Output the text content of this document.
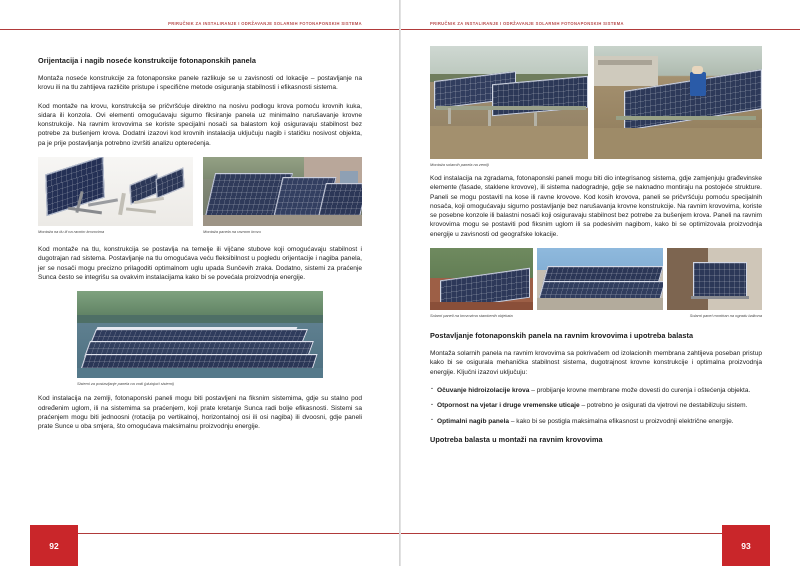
PRIRUČNIK ZA INSTALIRANJE I ODRŽAVANJE SOLARNIH FOTONAPONSKIH SISTEMA
Orijentacija i nagib noseće konstrukcije fotonaponskih panela

Montaža noseće konstrukcije za fotonaponske panele razlikuje se u zavisnosti od lokacije – postavljanje na krovu ili na tlu zahtijeva različite pristupe i specifične metode osiguranja stabilnosti i efikasnosti sistema.

Kod montaže na krovu, konstrukcija se pričvršćuje direktno na nosivu podlogu krova pomoću krovnih kuka, sidara ili konzola. Ovi elementi omogućavaju sigurno fiksiranje panela uz minimalno narušavanje krovne konstrukcije. Na ravnim krovovima se koriste specijalni nosači sa balastom koji osiguravaju stabilnost bez potrebe za bušenjem krova. Dodatni izazovi kod krovnih instalacija uključuju nagib i statičku nosivost objekta, pa je prije postavljanja potrebno izvršiti analizu opterećenja.

Montaža na tlu ili na ravnim krovovima	Montaža panela na ravnom krovu

Kod montaže na tlu, konstrukcija se postavlja na temelje ili vijčane stubove koji omogućavaju stabilnost i dugotrajan rad sistema. Postavljanje na tlu omogućava veću fleksibilnost u pogledu orijentacije i nagiba panela, jer se nosači mogu precizno prilagoditi optimalnom uglu upada Sunčevih zraka. Dodatno, sistemi za praćenje Sunca često se integrišu sa ovakvim instalacijama kako bi se povećala proizvodnja energije.

Sistemi za postavljanje panela na vodi (plutajući sistemi)

Kod instalacija na zemlji, fotonaponski paneli mogu biti postavljeni na fiksnim sistemima, gdje su stalno pod određenim uglom, ili na sistemima sa praćenjem, koji prate kretanje Sunca radi bolje efikasnosti. Sistemi sa praćenjem mogu biti jednoosni (rotacija po vertikalnoj, horizontalnoj osi ili osi nagiba) ili dvoosni, gdje paneli prate Sunce u oba smjera, što omogućava maksimalnu proizvodnju energije.

92
PRIRUČNIK ZA INSTALIRANJE I ODRŽAVANJE SOLARNIH FOTONAPONSKIH SISTEMA
Montaža solarnih panela na zemlji

Kod instalacija na zgradama, fotonaponski paneli mogu biti dio integrisanog sistema, gdje zamjenjuju građevinske elemente (fasade, staklene krovove), ili sistema nadogradnje, gdje se naknadno montiraju na postojeće strukture. Paneli se mogu postaviti na kose ili ravne krovove. Kod kosih krovova, paneli se pričvršćuju pomoću specijalnih nosača, koji omogućavaju sigurno postavljanje bez narušavanja krovne konstrukcije. Na ravnim krovovima, koriste se posebne konzole ili balastni nosači koji osiguravaju stabilnost bez potrebe za bušenjem krova. Paneli na ravnim krovovima mogu se postaviti pod fiksnim uglom ili sa podesivim nagibom, kako bi se optimizovala proizvodnja energije u zavisnosti od geografske lokacije.

Solarni paneli na krovovima stambenih objekata	Solarni panel montiran na ogradu balkona
Postavljanje fotonaponskih panela na ravnim krovovima i upotreba balasta

Montaža solarnih panela na ravnim krovovima sa pokrivačem od izolacionih membrana zahtijeva poseban pristup kako bi se osigurala mehanička stabilnost sistema, dugotrajnost krovne konstrukcije i optimalna proizvodnja energije. Ključni izazovi uključuju:

· Očuvanje hidroizolacije krova – probijanje krovne membrane može dovesti do curenja i oštećenja objekta.
· Otpornost na vjetar i druge vremenske uticaje – potrebno je osigurati da vjetrovi ne destabilizuju sistem.
· Optimalni nagib panela – kako bi se postigla maksimalna efikasnost u proizvodnji električne energije.
Upotreba balasta u montaži na ravnim krovovima
93
